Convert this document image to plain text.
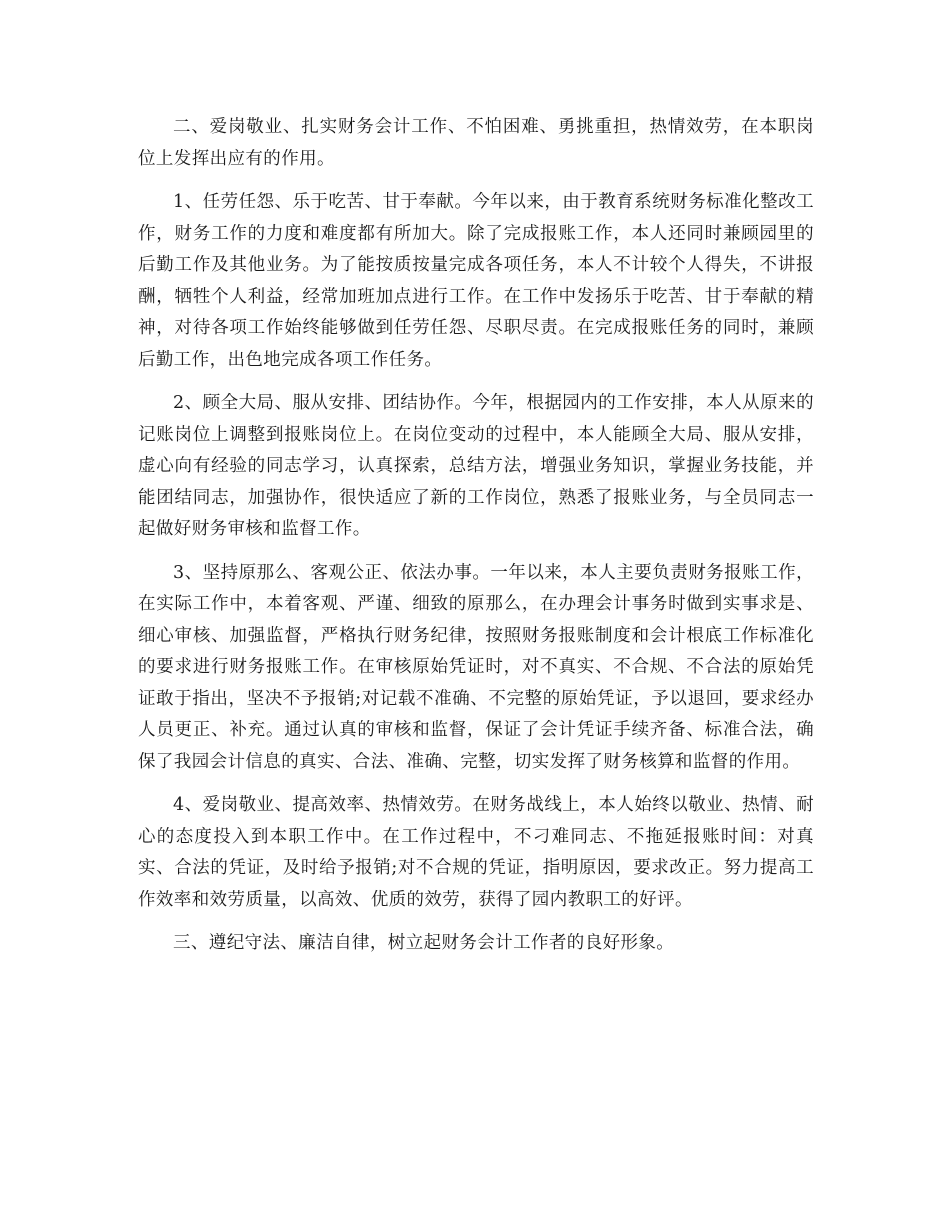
二、爱岗敬业、扎实财务会计工作、不怕困难、勇挑重担，热情效劳，在本职岗位上发挥出应有的作用。

1、任劳任怨、乐于吃苦、甘于奉献。今年以来，由于教育系统财务标准化整改工作，财务工作的力度和难度都有所加大。除了完成报账工作，本人还同时兼顾园里的后勤工作及其他业务。为了能按质按量完成各项任务，本人不计较个人得失，不讲报酬，牺牲个人利益，经常加班加点进行工作。在工作中发扬乐于吃苦、甘于奉献的精神，对待各项工作始终能够做到任劳任怨、尽职尽责。在完成报账任务的同时，兼顾后勤工作，出色地完成各项工作任务。

2、顾全大局、服从安排、团结协作。今年，根据园内的工作安排，本人从原来的记账岗位上调整到报账岗位上。在岗位变动的过程中，本人能顾全大局、服从安排，虚心向有经验的同志学习，认真探索，总结方法，增强业务知识，掌握业务技能，并能团结同志，加强协作，很快适应了新的工作岗位，熟悉了报账业务，与全员同志一起做好财务审核和监督工作。

3、坚持原那么、客观公正、依法办事。一年以来，本人主要负责财务报账工作，在实际工作中，本着客观、严谨、细致的原那么，在办理会计事务时做到实事求是、细心审核、加强监督，严格执行财务纪律，按照财务报账制度和会计根底工作标准化的要求进行财务报账工作。在审核原始凭证时，对不真实、不合规、不合法的原始凭证敢于指出，坚决不予报销;对记载不准确、不完整的原始凭证，予以退回，要求经办人员更正、补充。通过认真的审核和监督，保证了会计凭证手续齐备、标准合法，确保了我园会计信息的真实、合法、准确、完整，切实发挥了财务核算和监督的作用。

4、爱岗敬业、提高效率、热情效劳。在财务战线上，本人始终以敬业、热情、耐心的态度投入到本职工作中。在工作过程中，不刁难同志、不拖延报账时间：对真实、合法的凭证，及时给予报销;对不合规的凭证，指明原因，要求改正。努力提高工作效率和效劳质量，以高效、优质的效劳，获得了园内教职工的好评。

三、遵纪守法、廉洁自律，树立起财务会计工作者的良好形象。
